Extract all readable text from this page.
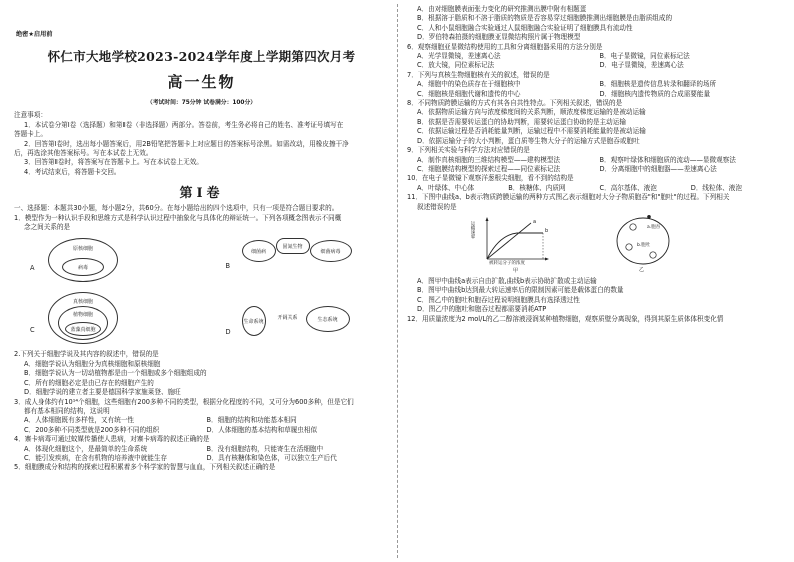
绝密★启用前
怀仁市大地学校2023-2024学年度上学期第四次月考
高一生物
（考试时间：75分钟 试卷满分：100分）
注意事项：
1．本试卷分第Ⅰ卷（选择题）和第Ⅱ卷（非选择题）两部分。答卷前，考生务必将自己的姓名、准考证号填写在
答题卡上。
2．回答第Ⅰ卷时，选出每小题答案后，用2B铅笔把答题卡上对应题目的答案标号涂黑。如需改动，用橡皮擦干净
后，再选涂其他答案标号。写在本试卷上无效。
3．回答第Ⅱ卷时，将答案写在答题卡上。写在本试卷上无效。
4．考试结束后，将答题卡交回。
第Ⅰ卷
一、选择题：本题共30小题，每小题2分，共60分。在每小题给出的四个选项中，只有一项是符合题目要求的。
1．模型作为一种认识手段和思维方式是科学认识过程中抽象化与具体化的辩证统一。下列各项概念图表示不同概
念之间关系的是
A
原核细胞
病毒	B
细菌病
固氮生物
细菌病毒
C
真核细胞
植物细胞
蓝藻真细胞	D
生命系统
开阔关系	生态系统
2.下列关于细胞学说及其内容的叙述中，错误的是
A．细胞学说认为细胞分为真核细胞和原核细胞
B．细胞学说认为一切动植物都是由一个细胞或多个细胞组成的
C．所有的细胞必定是由已存在的细胞产生的
D．细胞学说的建立者主要是德国科学家施莱登、施旺
3．成人身体约有10¹⁴个细胞，这些细胞有200多种不同的类型，根据分化程度的不同，又可分为600多种，但是它们
都有基本相同的结构，这说明
A．人体细胞既有多样性，又有统一性	B．细胞的结构和功能基本相同
C．200多种不同类型就是200多种不同的组织	D．人体细胞的基本结构和草履虫相似
4．寨卡病毒可通过蚊媒传播使人患病，对寨卡病毒的叙述正确的是
A．体现化细胞这个，是最简单的生命系统	B．没有细胞结构，只能寄生在活细胞中
C．能引发疾病，在含有机物的培养液中就能生存	D．具有核糖体和染色体，可以独立生产后代
5．细胞膜成分和结构的探索过程积累着多个科学家的智慧与血血，下列相关叙述正确的是
A．由对细胞膜表面张力变化的研究推测出膜中附有相题蛋
B．根据溶于脂质和不溶于脂质的物质是否容易穿过细胞膜推测出细胞膜是由脂质组成的
C．人和小鼠细胞融合实验通过人鼠细胞融合实验证明了细胞膜具有流动性
D．罗伯特森拍摄的细胞膜亚显微结构照片属于物理模型
6．观察细胞亚显微结构使用的工具和分离细胞器采用的方法分别是
A．光学显微镜，差速离心法	B．电子显微镜，同位素标记法
C．放大镜，同位素标记法	D．电子显微镜，差速离心法
7．下列与真核生物细胞核有关的叙述，错误的是
A．细胞中的染色质存在于细胞核中	B．细胞核是遗传信息转录和翻译的场所
C．细胞核是细胞代谢和遗传的中心	D．细胞核内遗传物质的合成需要能量
8．不同物质跨膜运输的方式有其各自共性特点。下列相关叙述，错误的是
A．依据物质运输方向与浓度梯度间的关系判断，顺浓度梯度运输的是被动运输
B．依据是否需要转运蛋白的协助判断，需要转运蛋白协助的是主动运输
C．依据运输过程是否消耗能量判断，运输过程中不需要消耗能量的是被动运输
D．依据运输分子的大小判断，蛋白质等生物大分子的运输方式是胞吞或胞吐
9．下列相关实验与科学方法对应错误的是
A．制作真核细胞的三维结构模型——建构模型法	B．观察叶绿体和细胞质的流动——显微观察法
C．细胞膜结构模型的探索过程——同位素标记法	D．分离细胞中的细胞器——差速离心法
10．在电子显微镜下观察洋葱根尖细胞，看不到的结构是
A．叶绿体、中心体	B．核糖体、内质网	C．高尔基体、液泡	D．线粒体、液泡
11．下图中曲线a、b表示物质跨膜运输的两种方式图乙表示细胞对大分子物质胞吞"和"胞吐"的过程。下列相关
叙述错误的是
运输速率	a
b
被转运分子的浓度
甲
a.胞吞
b.胞吐
乙
A．图甲中曲线a表示自由扩散,曲线b表示协助扩散或主动运输
B．图甲中曲线b达到最大转运速率后的限制因素可能是载体蛋白的数量
C．图乙中的胞吐和胞吞过程说明细胞膜具有选择透过性
D．图乙中的胞吐和胞吞过程都需要消耗ATP
12．用质量浓度为2 mol/L的乙二醇溶液浸润某种植物细胞，观察质壁分离现象，得到其原生质体体积变化情
